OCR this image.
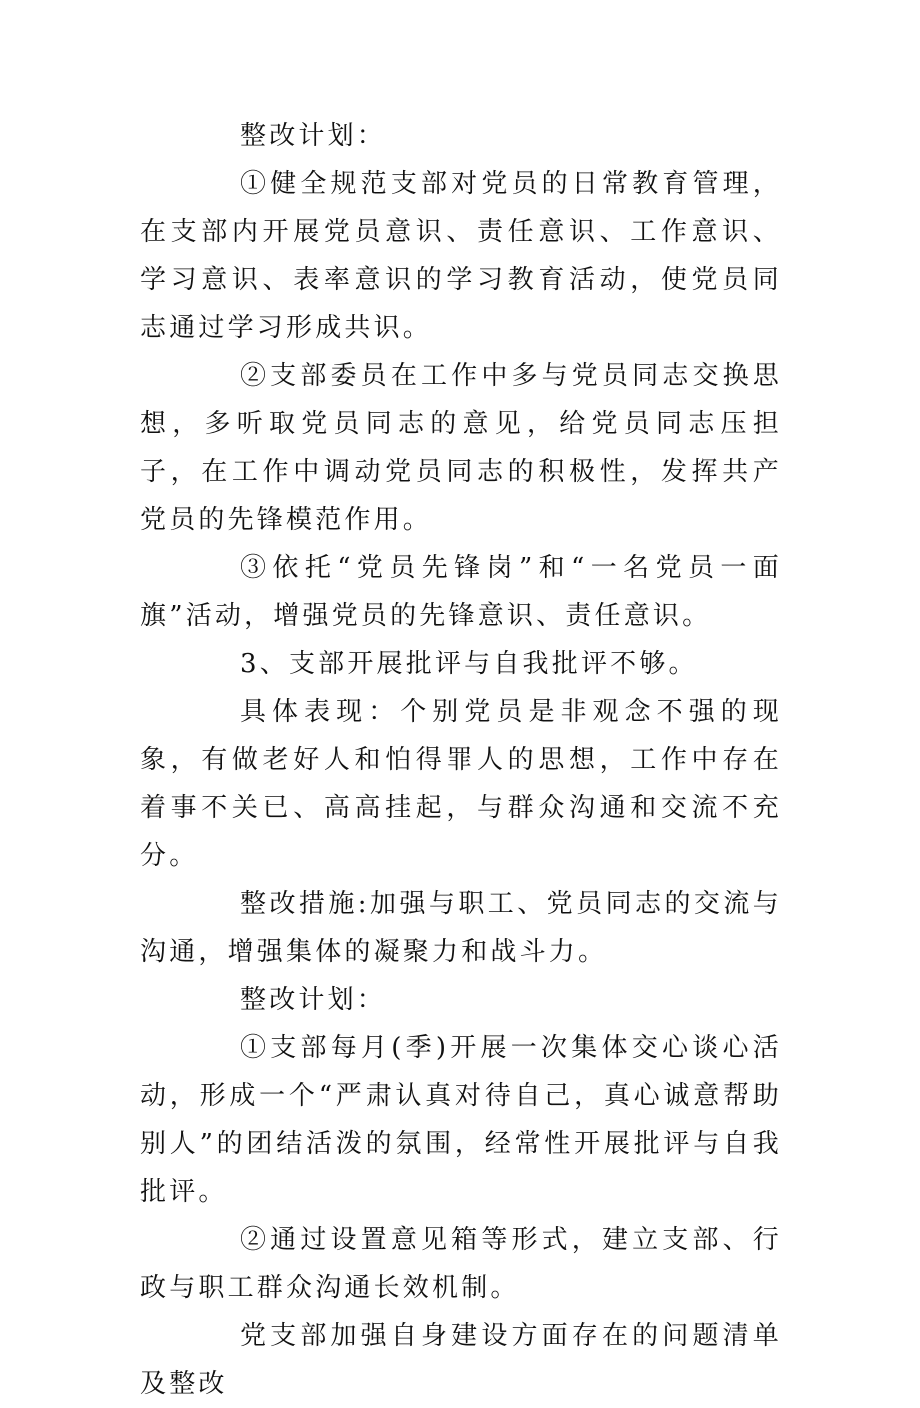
整改计划：

①健全规范支部对党员的日常教育管理，在支部内开展党员意识、责任意识、工作意识、学习意识、表率意识的学习教育活动，使党员同志通过学习形成共识。

②支部委员在工作中多与党员同志交换思想，多听取党员同志的意见，给党员同志压担子，在工作中调动党员同志的积极性，发挥共产党员的先锋模范作用。

③依托“党员先锋岗”和“一名党员一面旗”活动，增强党员的先锋意识、责任意识。

3、支部开展批评与自我批评不够。

具体表现：个别党员是非观念不强的现象，有做老好人和怕得罪人的思想，工作中存在着事不关已、高高挂起，与群众沟通和交流不充分。

整改措施:加强与职工、党员同志的交流与沟通，增强集体的凝聚力和战斗力。

整改计划：

①支部每月(季)开展一次集体交心谈心活动，形成一个“严肃认真对待自己，真心诚意帮助别人”的团结活泼的氛围，经常性开展批评与自我批评。

②通过设置意见箱等形式，建立支部、行政与职工群众沟通长效机制。

党支部加强自身建设方面存在的问题清单及整改
